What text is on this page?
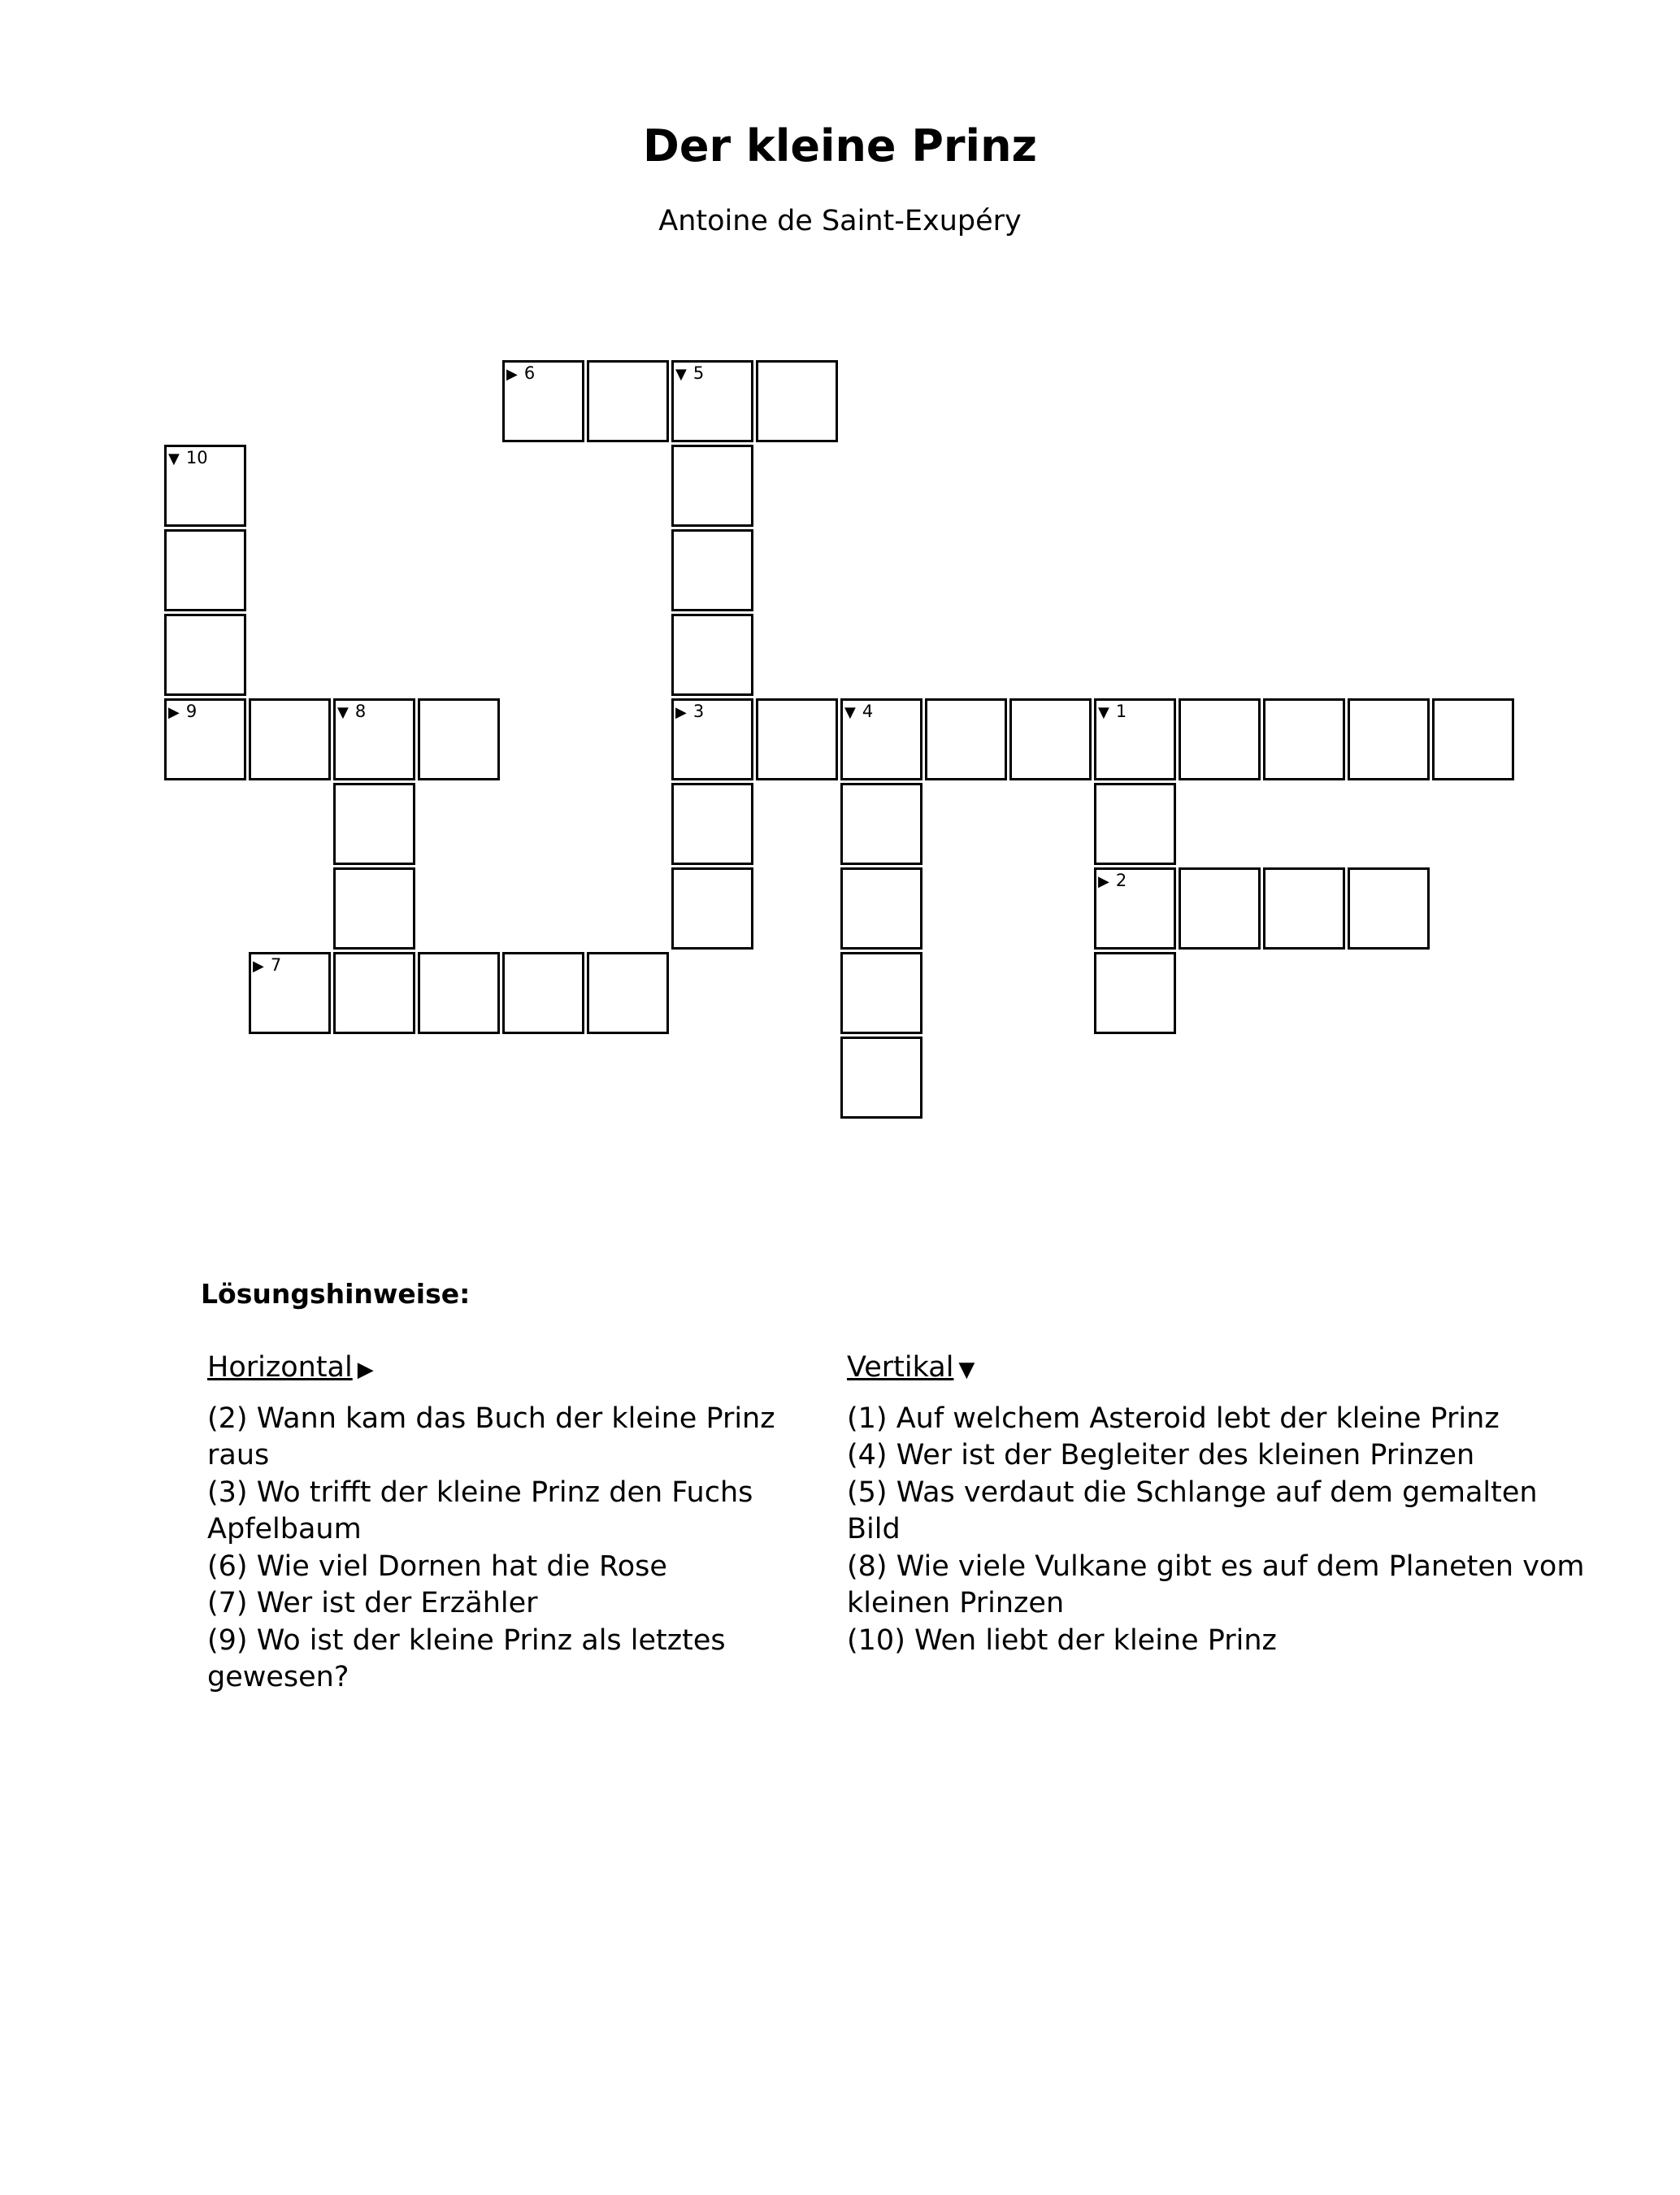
Der kleine Prinz

Antoine de Saint-Exupéry

▶ 6	▼ 5
▼ 10
▶ 9	▼ 8	▶ 3	▼ 4	▼ 1
▶ 2
▶ 7
Lösungshinweise:
Horizontal ▶

(2) Wann kam das Buch der kleine Prinz raus

(3) Wo trifft der kleine Prinz den Fuchs Apfelbaum

(6) Wie viel Dornen hat die Rose

(7) Wer ist der Erzähler

(9) Wo ist der kleine Prinz als letztes gewesen?

Vertikal ▼

(1) Auf welchem Asteroid lebt der kleine Prinz

(4) Wer ist der Begleiter des kleinen Prinzen

(5) Was verdaut die Schlange auf dem gemalten Bild

(8) Wie viele Vulkane gibt es auf dem Planeten vom kleinen Prinzen

(10) Wen liebt der kleine Prinz
